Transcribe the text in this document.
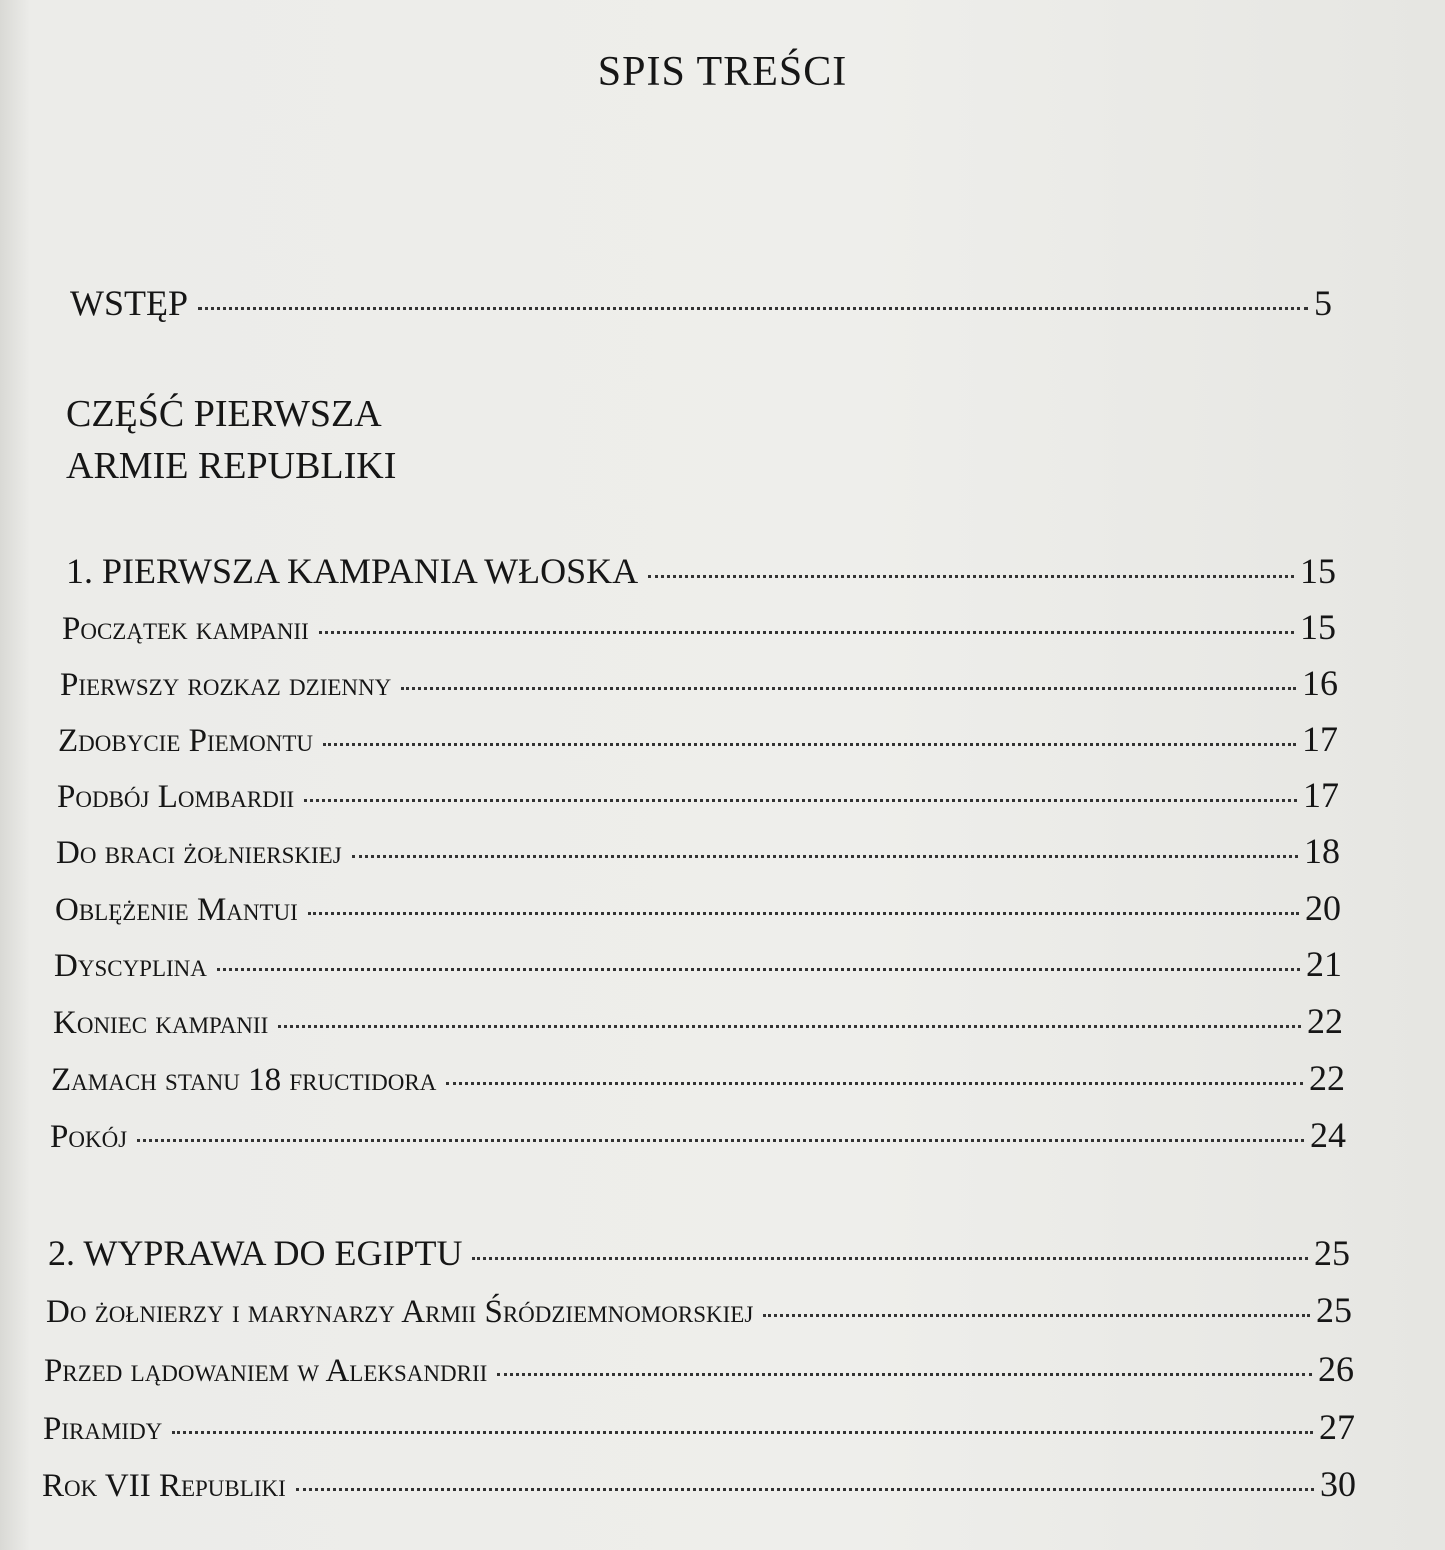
SPIS TREŚCI
WSTĘP	5
CZĘŚĆ PIERWSZA
ARMIE REPUBLIKI
1. PIERWSZA KAMPANIA WŁOSKA	15
Początek kampanii	15
Pierwszy rozkaz dzienny	16
Zdobycie Piemontu	17
Podbój Lombardii	17
Do braci żołnierskiej	18
Oblężenie Mantui	20
Dyscyplina	21
Koniec kampanii	22
Zamach stanu 18 fructidora	22
Pokój	24
2. WYPRAWA DO EGIPTU	25
Do żołnierzy i marynarzy Armii Śródziemnomorskiej	25
Przed lądowaniem w Aleksandrii	26
Piramidy	27
Rok VII Republiki	30
